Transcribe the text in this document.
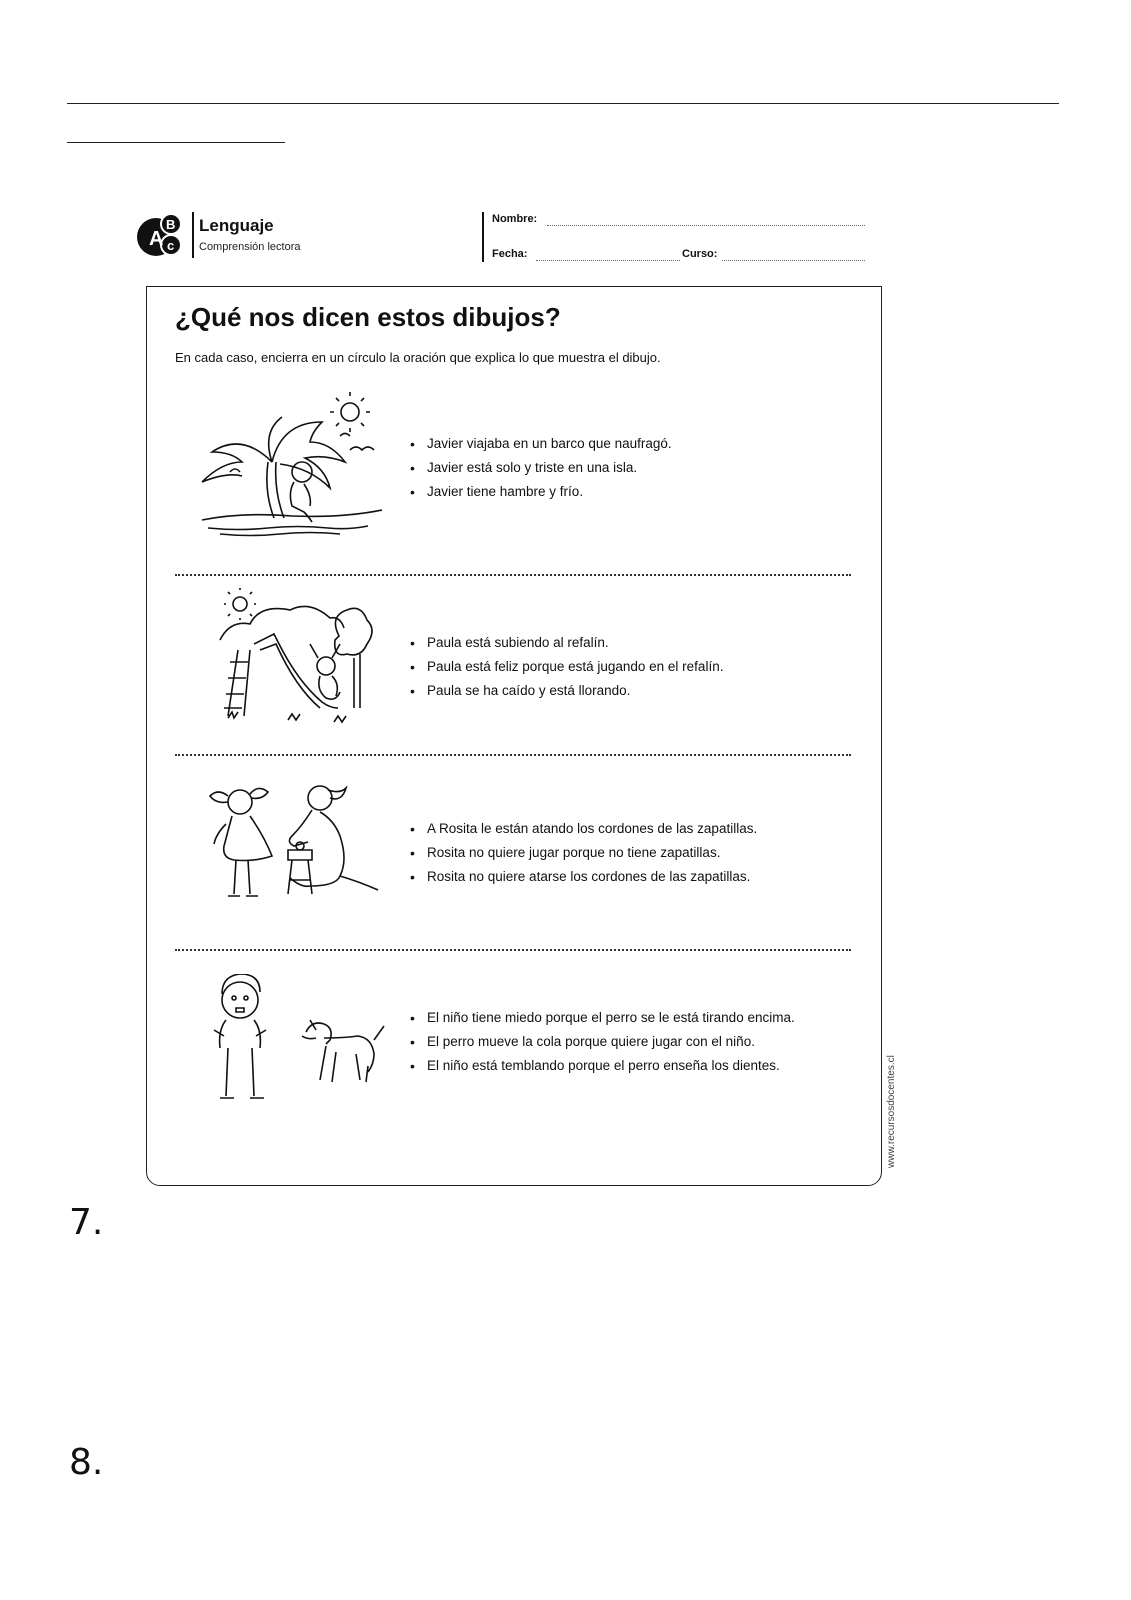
A
B
c
Lenguaje
Comprensión lectora
Nombre:
Fecha:	Curso:
¿Qué nos dicen estos dibujos?
En cada caso, encierra en un círculo la oración que explica lo que muestra el dibujo.
• Javier viajaba en un barco que naufragó.
• Javier está solo y triste en una isla.
• Javier tiene hambre y frío.
• Paula está subiendo al refalín.
• Paula está feliz porque está jugando en el refalín.
• Paula se ha caído y está llorando.
• A Rosita le están atando los cordones de las zapatillas.
• Rosita no quiere jugar porque no tiene zapatillas.
• Rosita no quiere atarse los cordones de las zapatillas.
• El niño tiene miedo porque el perro se le está tirando encima.
• El perro mueve la cola porque quiere jugar con el niño.
• El niño está temblando porque el perro enseña los dientes.	www.recursosdocentes.cl
7.
8.
